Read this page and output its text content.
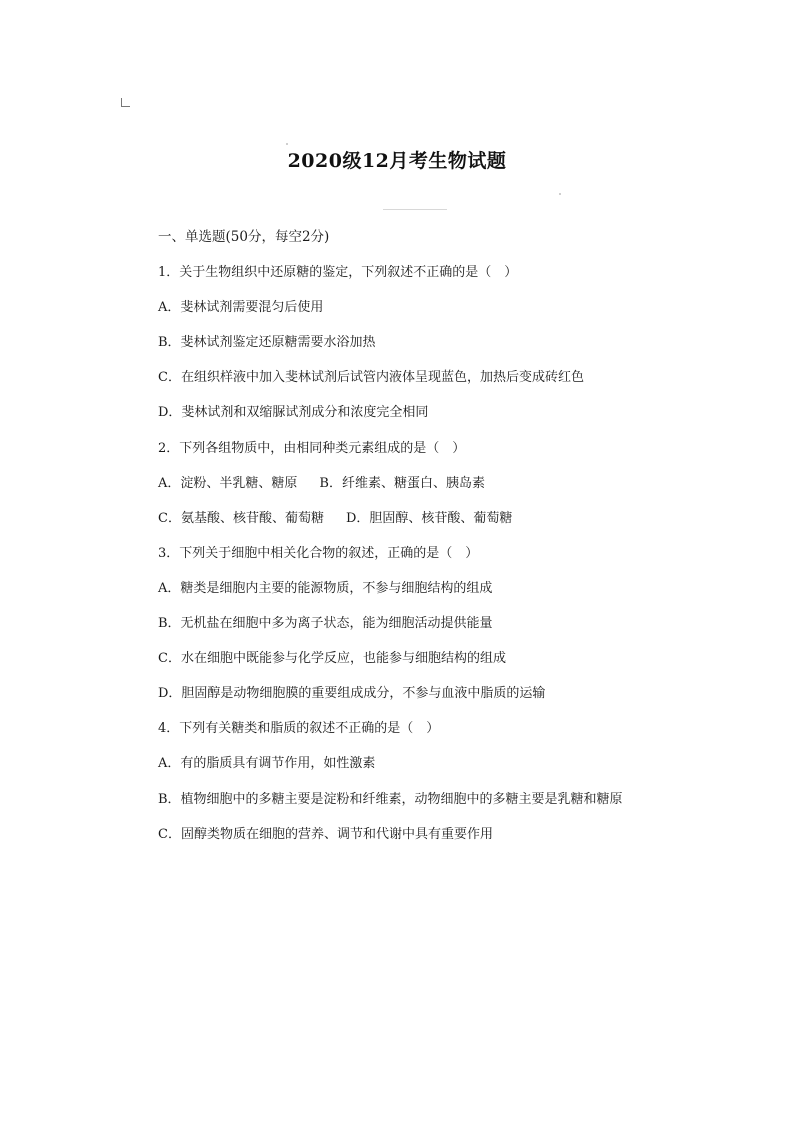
2020级12月考生物试题
一、单选题(50分，每空2分)
1．关于生物组织中还原糖的鉴定，下列叙述不正确的是（　）
A．斐林试剂需要混匀后使用
B．斐林试剂鉴定还原糖需要水浴加热
C．在组织样液中加入斐林试剂后试管内液体呈现蓝色，加热后变成砖红色
D．斐林试剂和双缩脲试剂成分和浓度完全相同
2．下列各组物质中，由相同种类元素组成的是（　）
A．淀粉、半乳糖、糖原 B．纤维素、糖蛋白、胰岛素
C．氨基酸、核苷酸、葡萄糖 D．胆固醇、核苷酸、葡萄糖
3．下列关于细胞中相关化合物的叙述，正确的是（　）
A．糖类是细胞内主要的能源物质，不参与细胞结构的组成
B．无机盐在细胞中多为离子状态，能为细胞活动提供能量
C．水在细胞中既能参与化学反应，也能参与细胞结构的组成
D．胆固醇是动物细胞膜的重要组成成分，不参与血液中脂质的运输
4．下列有关糖类和脂质的叙述不正确的是（　）
A．有的脂质具有调节作用，如性激素
B．植物细胞中的多糖主要是淀粉和纤维素，动物细胞中的多糖主要是乳糖和糖原
C．固醇类物质在细胞的营养、调节和代谢中具有重要作用
